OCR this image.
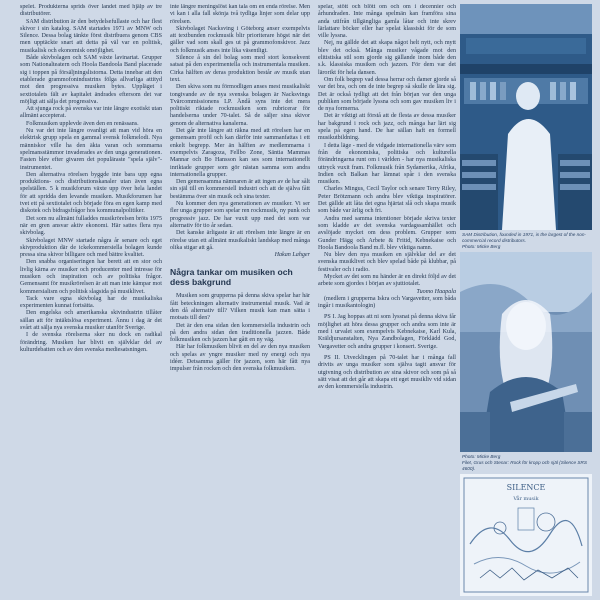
spelet. Produkterna sprids över landet med hjälp av tre distributörer.

SAM distribution är den betydelsefullaste och har flest skivor i sin katalog. SAM startades 1971 av MNW och Silence. Dessa bolag tänkte först distribuera genom CBS men upptäckte snart att detta på väl var en politisk, musikalisk och ekonomisk omöjlighet.

Både skivbolagen och SAM växte lavinartat. Grupper som Nationalteatern och Hoola Bandoola Band placerade sig i toppen på försäljningslistorna. Detta innebar att den etablerade grammofonindustrins fölga allvarliga attityd mot den progressiva musiken bytes. Uppläget i sextiotalets fält av kapitalet ändrades eftersom det var möjligt att sälja det progressiva.

Att sjunga rock på svenska var inte längre exotiskt utan allmänt accepterat.

Folkmusiken upplevde även den en renässans.

Nu var det inte längre ovanligt att man vid höra en elektrisk grupp spela en gammal svensk folkmelodi. Nya människor ville ha den äkta varan och sommarna spelmansstämmor invaderades av den unga generationen. Fasten blev efter givaren det populäraste "spela själv"-instrumentet.

Den alternativa rörelsen byggde inte bara upp egna produktions- och distributionskanaler utan även egna spelställen. 5 k musikforum växte upp över hela landet för att spridda den levande musiken. Musikforumen har tvet ett på sextiotalet och började föra en egen kamp med diskotek och bidragsfrågor hos kommunalpolitiker.

Det som nu allmänt fulladdes musikrörelsen bröts 1975 när en gren ansvar aktiv ekonomi. Här sattes flera nya skivbolag.

Skivbolaget MNW startade några år senare och eget skivproduktion där de ickekommersiella bolagen kunde pressa sina skivor billigare och med bättre kvalitet.

Den snabba organiseringen har berett att en stor och livlig kärna av musiker och producenter med intresse för musiken och inspiration och av politiska frågor. Gemensamt för musikrörelsen är att man inte kämpar mot kommersialism och politisk slagsida på musiklivet.

Tack vare egna skivbolag har de musikaliska experimenten kunnat fortsätta.

Den engelska och amerikanska skivindustrin tillåter sällan att för intäktslösa experiment. Ännu i dag är det svårt att sälja nya svenska musiker utanför Sverige.

I de svenska rörelserna sker nu dock en radikal förändring. Musiken har blivit en självklar del av kulturdebatten och av den svenska mediesatsningen.

inte längre meningslöst kan tala om en enda rörelse. Men vi kan i alla fall skönja två tydliga linjer som delar upp rörelsen.

Skivbolaget Nacksving i Göteborg anser exempelvis att textbunden rockmusik blir prioriterare högst när det gäller vad som skall ges ut på grammofonskivor. Jazz och folkmusik anses inte lika väsentligt.

Silence å sin del bolag som med stort konsekvent satsat på den experimentella och instrumentala musiken. Cirka hälften av deras produktion består av musik utan text.

Den skiva som nu förmodligen anses mest musikaliskt tongivande av de nya svenska bolagen är Nacksvings Tvärcommissionens LP. Ändå syns inte det mera politiskt riktade rockmusiken som rubricerar för handelserna under 70-talet. Så de säljer sina skivor genom de alternativa kanalerna.

Det går inte längre att räkna med att rörelsen har en gemensam profil och kan därför inte sammanfattas i ett enkelt begrepp. Mer än hälften av medlemmarna i exempelvis Zaragoza, Fellbo Zone, Säntia Mammas Mannar och Bo Hansson kan ses som internationellt inriktade grupper som gör nästan samma som andra internationella grupper.

Den gemensamma nämnaren är att ingen av de har sålt sin själ till en kommersiell industri och att de själva fått bestämma över sin musik och sina texter.

Nu kommer den nya generationen av musiker. Vi ser fler unga grupper som spelar ren rockmusik, ny punk och progressiv jazz. De har vuxit upp med det som var alternativ för tio år sedan.

Det kanske ärligaste är att rörelsen inte längre är en rörelse utan ett allmänt musikaliskt landskap med många olika stigar att gå.

Hakan Lahger

Några tankar om musiken och dess bakgrund

Musiken som grupperna på denna skiva spelar har här fått beteckningen alternativ instrumental musik. Vad är den då alternativ till? Vilken musik kan man sätta i motsats till den?

Det är den ena sidan den kommersiella industrin och på den andra sidan den traditionella jazzen. Både folkmusiken och jazzen har gått en ny väg.

Här har folkmusiken blivit en del av den nya musiken och spelas av yngre musiker med ny energi och nya idéer. Detsamma gäller för jazzen, som här fått nya impulser från rocken och den svenska folkmusiken.

spelar, stött och blött om och om i decennier och århundraden. Inte många spelmän kan framföra sina anda utifrån tillgängliga gamla låtar och inte skrev lärlattare böcker eller har spelat klassiskt för de som ville lyssna.

Nej, nu gällde det att skapa något helt nytt, och mytt blev det också. Många musiker vågade mot den elitistiska stil som gjorde sig gällande inom både den s.k. klassiska musiken och jazzen. För dem var det lärorikt för hela dansen.

Om folk begrep vad dessa herrar och damer gjorde så var det bra, och om de inte begrep så skulle de lära sig. Det är också tydligt att det från början var den unga publiken som började lyssna och som gav musiken liv i de nya formerna.

Det är viktigt att förstå att de flesta av dessa musiker har bakgrund i rock och jazz, och många har lärt sig spela på egen hand. De har sällan haft en formell musikutbildning.

I detta läge - med de vidgade internationella värv som från de ekonomiska, politiska och kulturella förändringarna runt om i världen - har nya musikaliska uttryck vuxit fram. Folkmusik från Sydamerika, Afrika, Indien och Balkan har lämnat spår i den svenska musiken.

Charles Mingus, Cecil Taylor och senare Terry Riley, Peter Brötzmann och andra blev viktiga inspiratörer. Det gällde att låta det egna hjärtat slå och skapa musik som både var ärlig och fri.

Andra med samma intentioner började skriva texter som kladde av det svenska vardagssamhället och avslöjade mycket om dess problem. Grupper som Gunder Hägg och Arbete & Fritid, Kebnekaise och Hoola Bandoola Band m.fl. blev viktiga namn.

Nu blev den nya musiken en självklar del av det svenska musiklivet och blev spelad både på klubbar, på festivaler och i radio.

Mycket av det som nu händer är en direkt följd av det arbete som gjordes i början av sjuttiotalet.

Tuomo Haapala

(medlem i grupperna Iskra och Vargavetter, som båda ingår i musikantologin)

PS I. Jag hoppas att ni som lyssnat på denna skiva får möjlighet att höra dessa grupper och andra som inte är med i urvalet som exempelvis Kebnekaise, Karl Kula, Kräldjursanstalten, Nya Zandbolagen, Förklädd God, Vargavetter och andra grupper i konsert. Sverige.

PS II. Utvecklingen på 70-talet har i många fall drivits av unga musiker som själva tagit ansvar för utgivning och distribution av sina skivor och som på så sätt visat att det går att skapa ett eget musikliv vid sidan av den kommersiella industrin.

SAM Distribution, founded in 1971, is the largest of the non-commercial record distributors.
Photo: Micke Berg
Photo: Micke Berg
Filet, Grus och Stenar: Rock för kropp och själ (Silence SRS 4600).
SILENCE
Vår musik
